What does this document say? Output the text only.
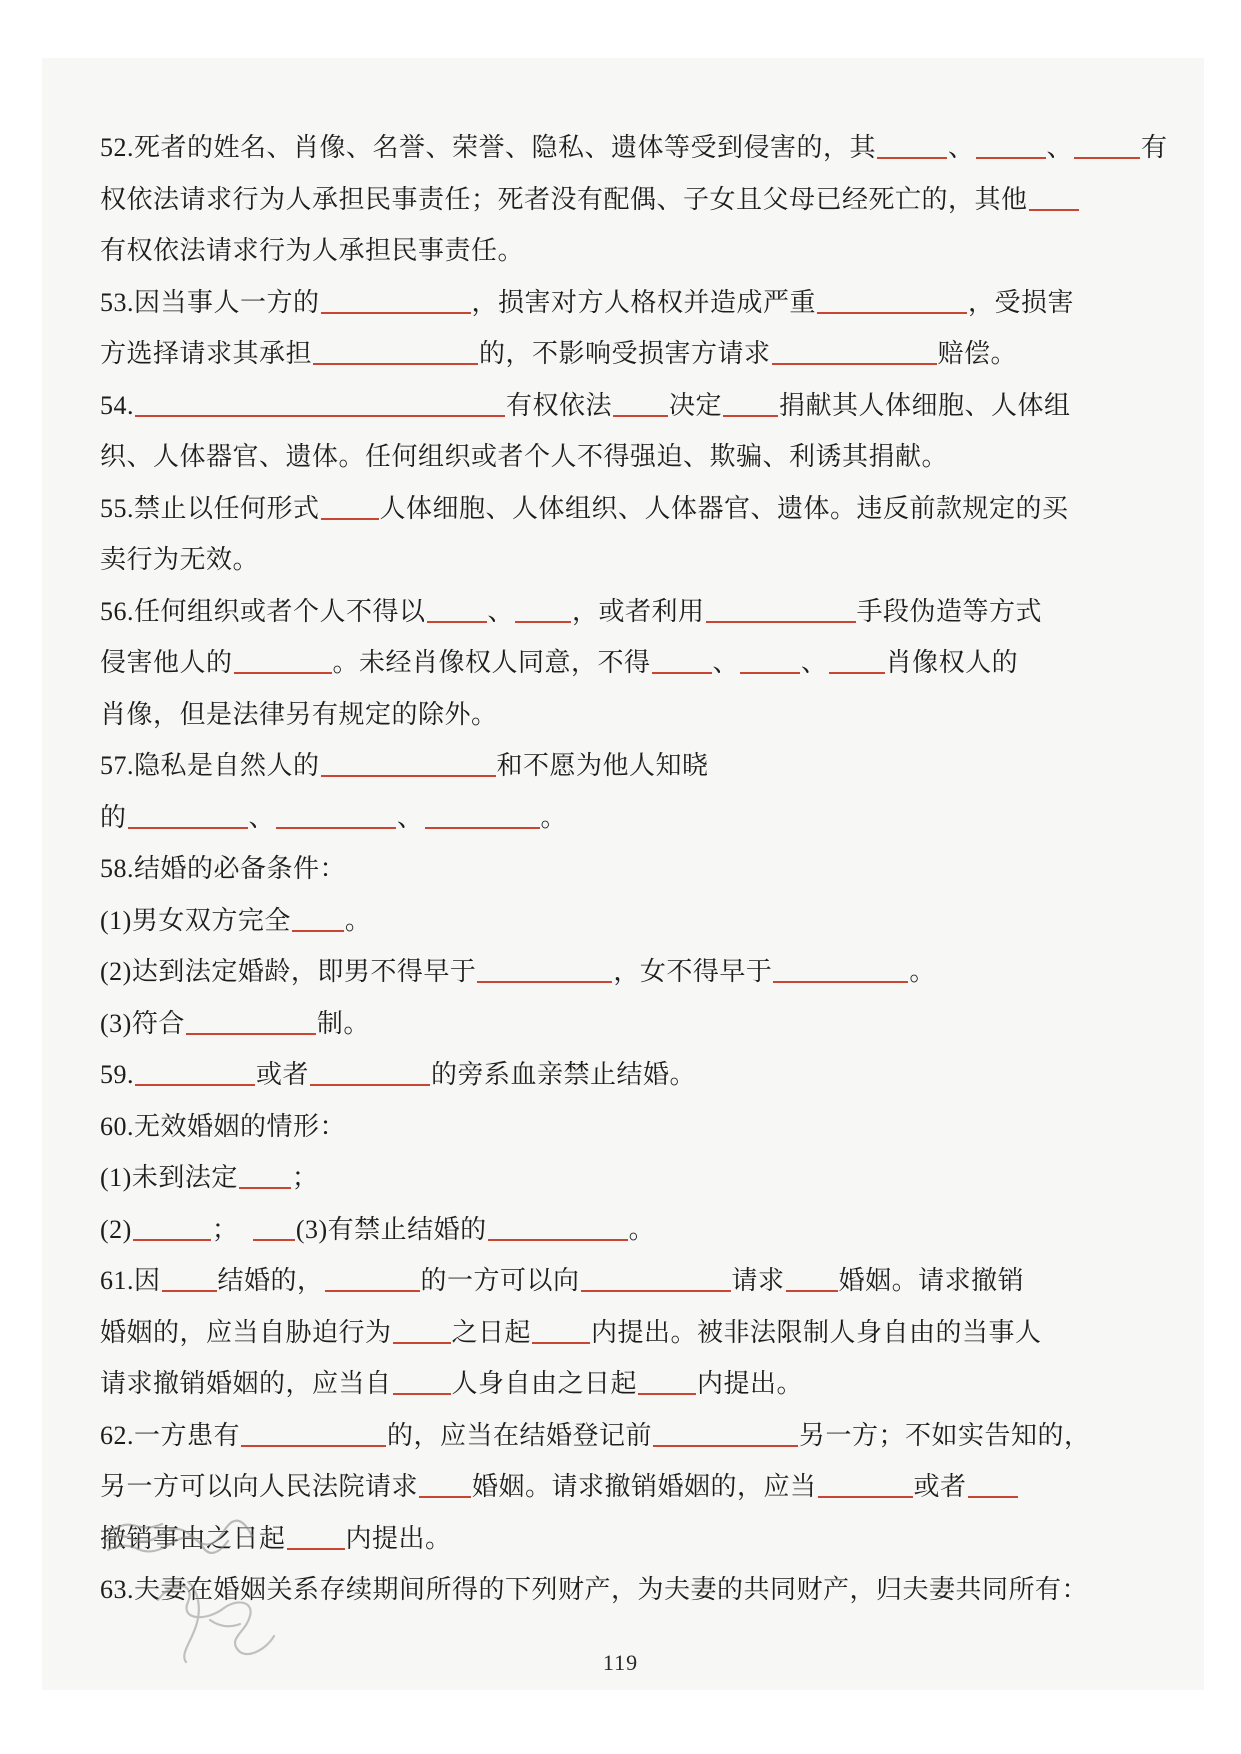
52.死者的姓名、肖像、名誉、荣誉、隐私、遗体等受到侵害的，其	、	、	有
权依法请求行为人承担民事责任；死者没有配偶、子女且父母已经死亡的，其他
有权依法请求行为人承担民事责任。
53.因当事人一方的	，损害对方人格权并造成严重	，受损害
方选择请求其承担	的，不影响受损害方请求	赔偿。
54.	有权依法 决定 捐献其人体细胞、人体组
织、人体器官、遗体。任何组织或者个人不得强迫、欺骗、利诱其捐献。
55.禁止以任何形式 人体细胞、人体组织、人体器官、遗体。违反前款规定的买
卖行为无效。
56.任何组织或者个人不得以 、 ，或者利用	手段伪造等方式
侵害他人的	。未经肖像权人同意，不得 、 、 肖像权人的
肖像，但是法律另有规定的除外。
57.隐私是自然人的	和不愿为他人知晓
的	、	、	。
58.结婚的必备条件：
(1)男女双方完全 。
(2)达到法定婚龄，即男不得早于	，女不得早于	。
(3)符合	制。
59.	或者	的旁系血亲禁止结婚。
60.无效婚姻的情形：
(1)未到法定 ；
(2)	；　(3)有禁止结婚的	。
61.因 结婚的，	的一方可以向	请求 婚姻。请求撤销
婚姻的，应当自胁迫行为 之日起 内提出。被非法限制人身自由的当事人
请求撤销婚姻的，应当自 人身自由之日起 内提出。
62.一方患有	的，应当在结婚登记前	另一方；不如实告知的，
另一方可以向人民法院请求 婚姻。请求撤销婚姻的，应当	或者
撤销事由之日起 内提出。
63.夫妻在婚姻关系存续期间所得的下列财产，为夫妻的共同财产，归夫妻共同所有：
119
